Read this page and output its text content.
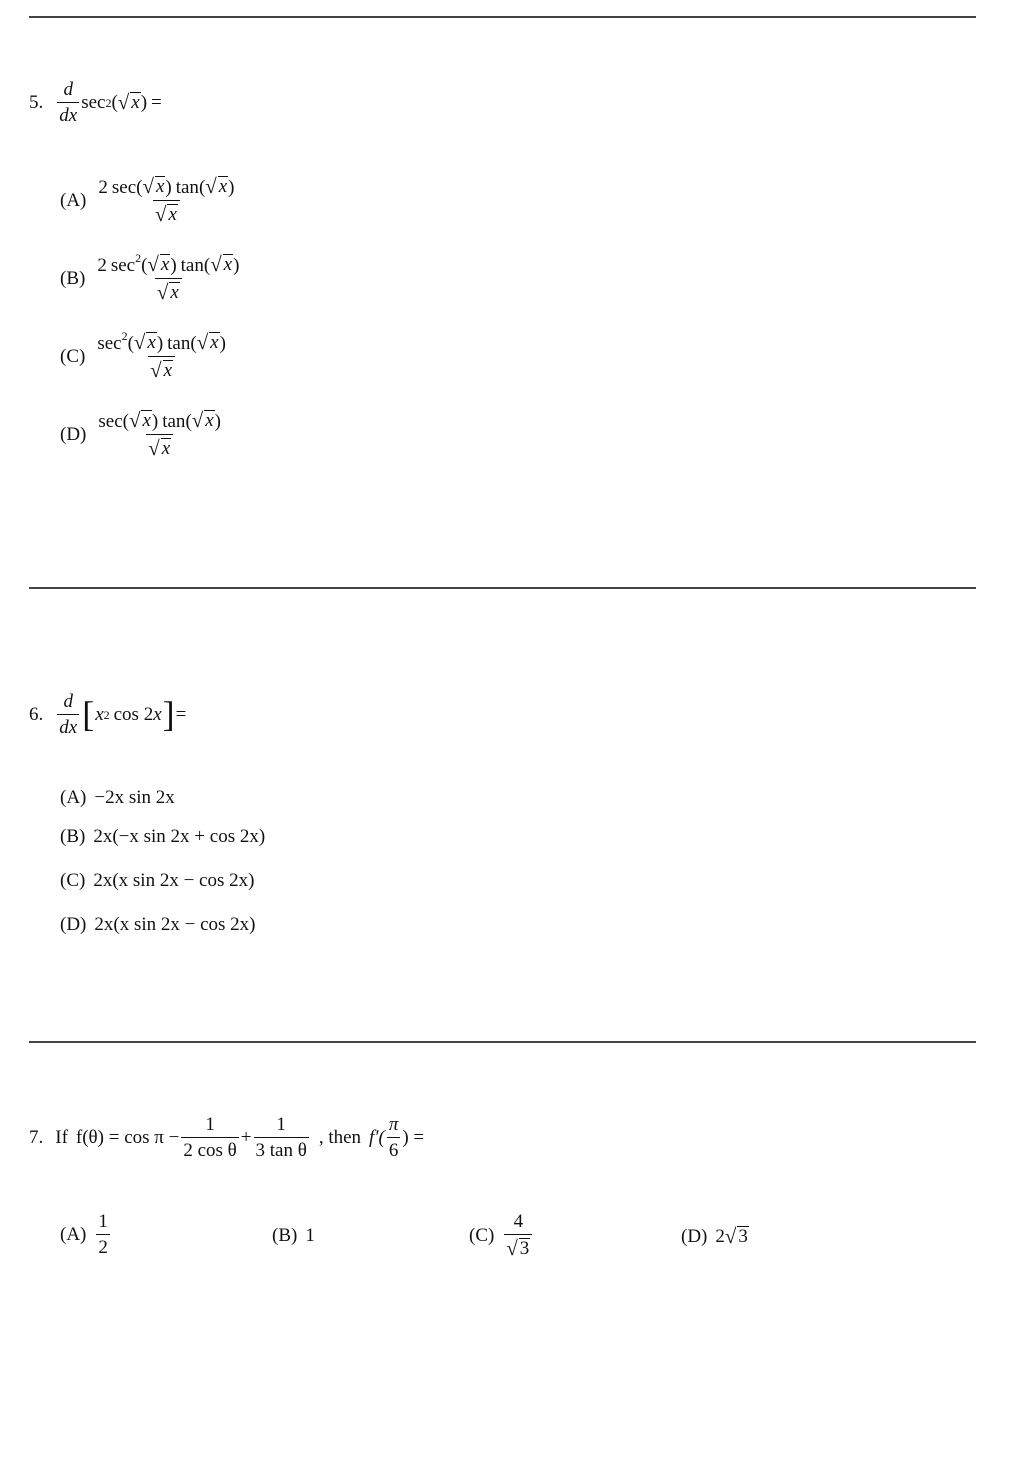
5. $\frac{d}{dx}$ sec 2 ( √ x ) =
$(A) \frac{2 \sec( √ x ) \tan( √ x )}{√ x}$
$(B) \frac{2 \sec^2( √ x ) \tan( √ x )}{√ x}$
$(C) \frac{\sec^2( √ x ) \tan( √ x )}{√ x}$
$(D) \frac{\sec( √ x ) \tan( √ x )}{√ x}$
6. $\frac{d}{dx}$ [ x 2 cos 2 x ] =
(A) −2x sin 2x
(B) 2x(−x sin 2x + cos 2x)
(C) 2x(x sin 2x − cos 2x)
(D) 2x(x sin 2x − cos 2x)
7. If $f(\theta) = \cos \pi - \frac{1}{\text{2 cos θ}} + \frac{1}{\text{3 tan θ}}$ , then $f'( \frac{\pi}{6}$ ) =
$(A) \frac{1}{2}$	(B) 1	$(C) \frac{4}{√ 3}$	(D) 2 √ 3
